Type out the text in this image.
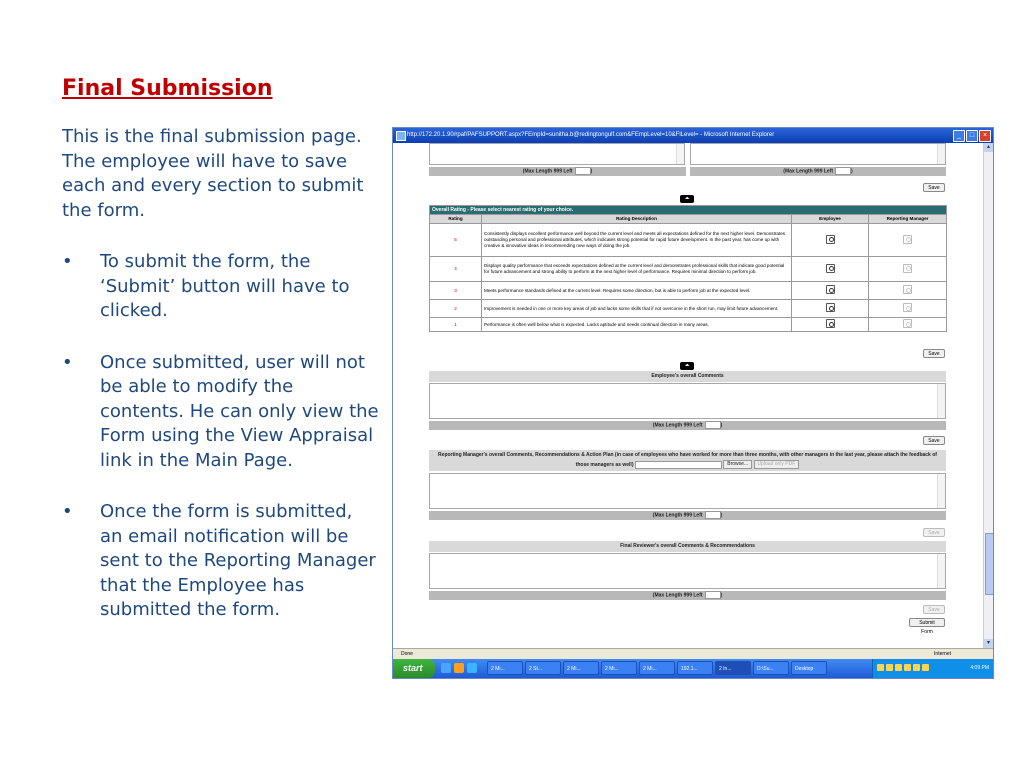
Final Submission

This is the final submission page. The employee will have to save each and every section to submit the form.

• To submit the form, the ‘Submit’ button will have to clicked.
• Once submitted, user will not be able to modify the contents. He can only view the Form using the View Appraisal link in the Main Page.
• Once the form is submitted, an email notification will be sent to the Reporting Manager that the Employee has submitted the form.
http://172.20.1.90/rpaf/PAFSUPPORT.aspx?FEmpId=sunitha.b@redingtongulf.com&FEmpLevel=10&FlLevel= - Microsoft Internet Explorer	_	□	×
(Max Length 999 Left	)	(Max Length 999 Left	)
Save
⏶
Overall Rating - Please select nearest rating of your choice.			
Rating	Rating Description	Employee	Reporting Manager
5	Consistently displays excellent performance well beyond the current level and meets all expectations defined for the next higher level. Demonstrates outstanding personal and professional attributes, which indicates strong potential for rapid future development. In the past year, has come up with creative & innovative ideas in recommending new ways of doing the job.		
4	Displays quality performance that exceeds expectations defined at the current level and demonstrates professional skills that indicate good potential for future advancement and strong ability to perform at the next higher level of performance. Requires minimal direction to perform job.		
3	Meets performance standards defined at the current level. Requires some direction, but is able to perform job at the expected level.		
2	Improvement is needed in one or more key areas of job and lacks some skills that if not overcome in the short run, may limit future advancement.		
1	Performance is often well below what is expected. Lacks aptitude and needs continual direction in many areas.		
Save
⏶
Employee's overall Comments
(Max Length 999 Left	)
Save
Reporting Manager's overall Comments, Recommendations & Action Plan (in case of employees who have worked for more than three months, with other managers in the last year, please attach the feedback of those managers as well)	Browse... Upload only PDF
(Max Length 999 Left	)
Save
Final Reviewer's overall Comments & Recommendations
(Max Length 999 Left	)
Save
Submit Form
▴
▾
Done	Internet
start	2 Mi...	2 St...	2 Mi...	2 Mi...	2 Mi...	192.1...	2 In...	D:\Su...	Desktop	4:09 PM
